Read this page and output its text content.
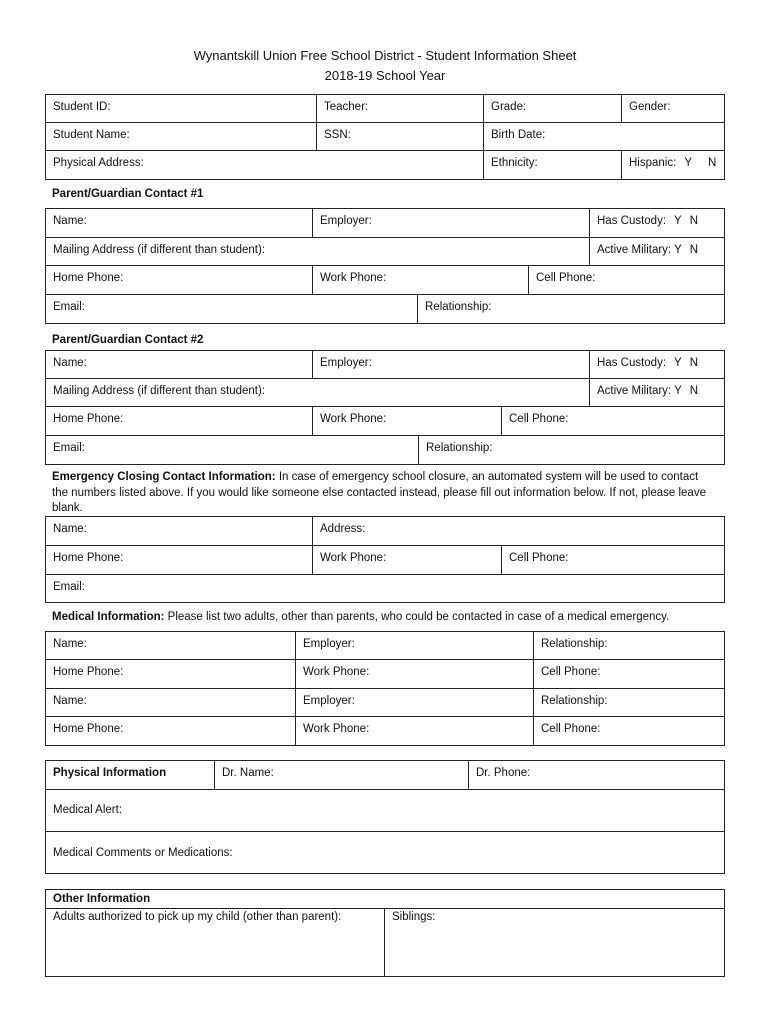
Wynantskill Union Free School District - Student Information Sheet
2018-19 School Year
Student ID:	Teacher:	Grade:	Gender:
Student Name:	SSN:	Birth Date:
Physical Address:	Ethnicity:	Hispanic: Y N
Parent/Guardian Contact #1
Name:	Employer:	Has Custody: Y N
Mailing Address (if different than student):	Active Military: Y N
Home Phone:	Work Phone:	Cell Phone:
Email:	Relationship:
Parent/Guardian Contact #2
Name:	Employer:	Has Custody: Y N
Mailing Address (if different than student):	Active Military: Y N
Home Phone:	Work Phone:	Cell Phone:
Email:	Relationship:
Emergency Closing Contact Information: In case of emergency school closure, an automated system will be used to contact the numbers listed above. If you would like someone else contacted instead, please fill out information below. If not, please leave blank.
Name:	Address:
Home Phone:	Work Phone:	Cell Phone:
Email:
Medical Information: Please list two adults, other than parents, who could be contacted in case of a medical emergency.
Name:	Employer:	Relationship:
Home Phone:	Work Phone:	Cell Phone:
Name:	Employer:	Relationship:
Home Phone:	Work Phone:	Cell Phone:
Physical Information	Dr. Name:	Dr. Phone:
Medical Alert:
Medical Comments or Medications:
Other Information
Adults authorized to pick up my child (other than parent):	Siblings:
